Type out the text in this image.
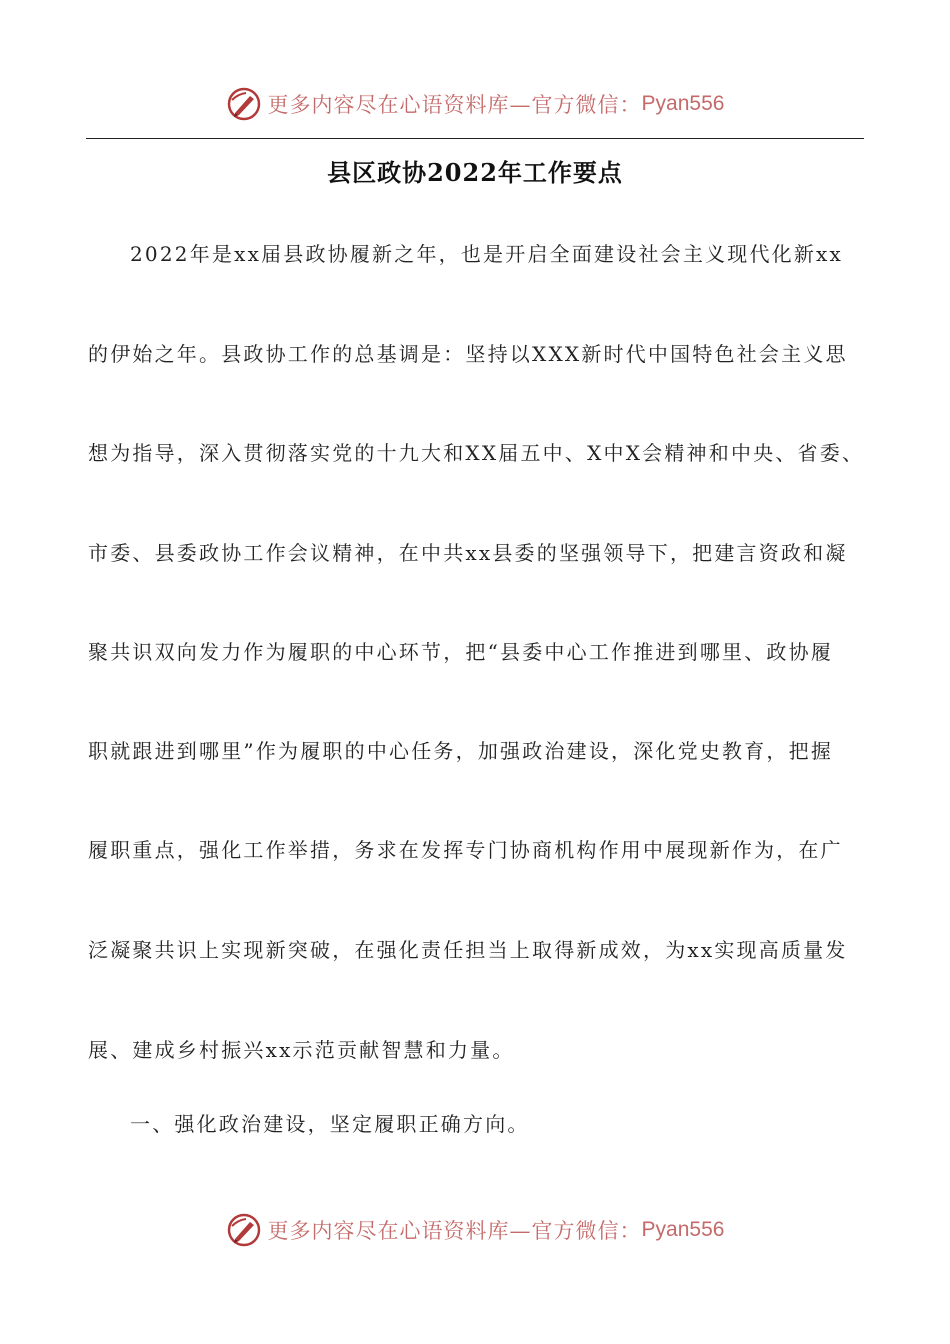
更多内容尽在心语资料库—官方微信： Pyan556
县区政协2022年工作要点
2022年是xx届县政协履新之年，也是开启全面建设社会主义现代化新xx
的伊始之年。县政协工作的总基调是：坚持以XXX新时代中国特色社会主义思
想为指导，深入贯彻落实党的十九大和XX届五中、X中X会精神和中央、省委、
市委、县委政协工作会议精神，在中共xx县委的坚强领导下，把建言资政和凝
聚共识双向发力作为履职的中心环节，把“县委中心工作推进到哪里、政协履
职就跟进到哪里”作为履职的中心任务，加强政治建设，深化党史教育，把握
履职重点，强化工作举措，务求在发挥专门协商机构作用中展现新作为，在广
泛凝聚共识上实现新突破，在强化责任担当上取得新成效，为xx实现高质量发
展、建成乡村振兴xx示范贡献智慧和力量。
一、强化政治建设，坚定履职正确方向。
更多内容尽在心语资料库—官方微信： Pyan556
